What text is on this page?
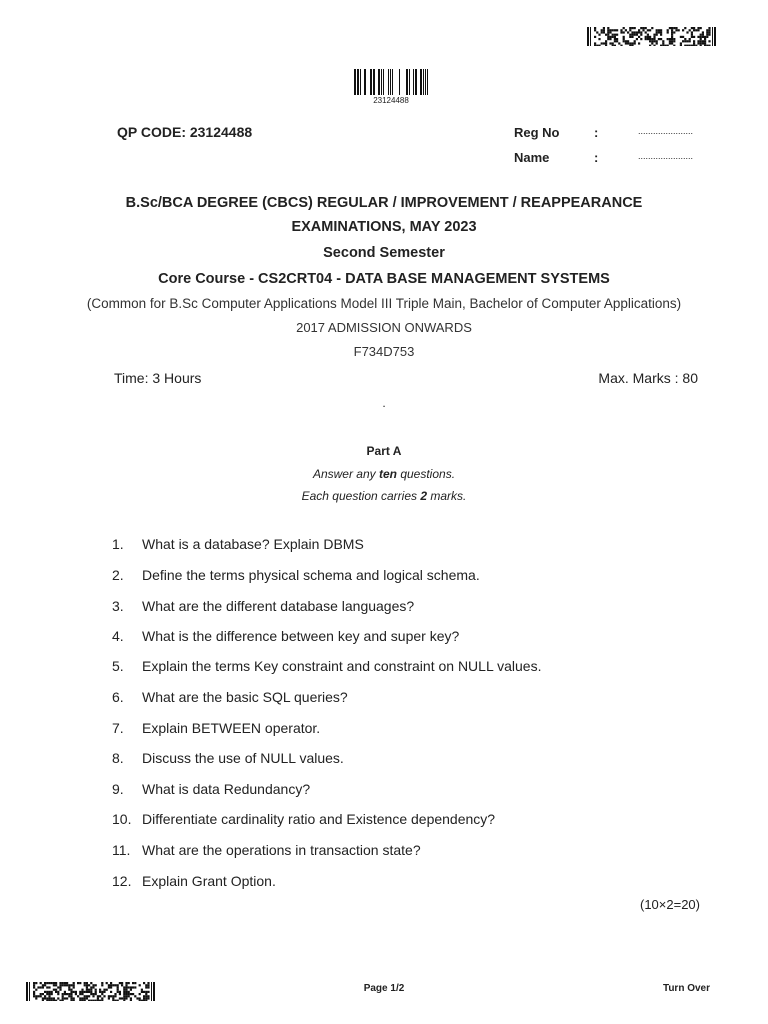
23124488
QP CODE: 23124488	Reg No	:	......................
Name	:	......................
B.Sc/BCA DEGREE (CBCS) REGULAR / IMPROVEMENT / REAPPEARANCE
EXAMINATIONS, MAY 2023
Second Semester
Core Course - CS2CRT04 - DATA BASE MANAGEMENT SYSTEMS
(Common for B.Sc Computer Applications Model III Triple Main, Bachelor of Computer Applications)
2017 ADMISSION ONWARDS
F734D753
Time: 3 Hours	Max. Marks : 80
.
Part A
Answer any ten questions.
Each question carries 2 marks.
1. What is a database? Explain DBMS
2. Define the terms physical schema and logical schema.
3. What are the different database languages?
4. What is the difference between key and super key?
5. Explain the terms Key constraint and constraint on NULL values.
6. What are the basic SQL queries?
7. Explain BETWEEN operator.
8. Discuss the use of NULL values.
9. What is data Redundancy?
10. Differentiate cardinality ratio and Existence dependency?
11. What are the operations in transaction state?
12. Explain Grant Option.
(10×2=20)
Page 1/2	Turn Over
